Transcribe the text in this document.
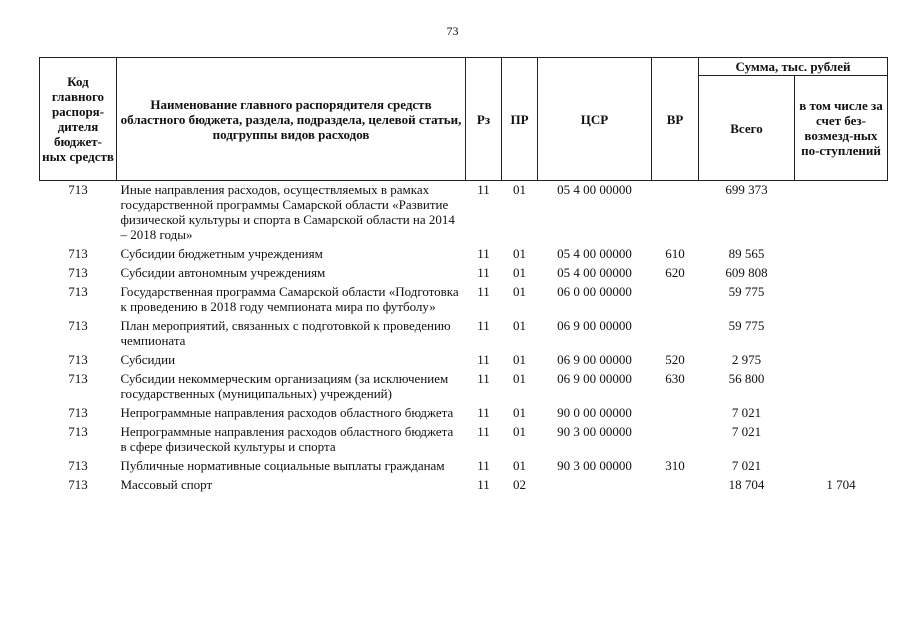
73
Код главного распоря-дителя бюджет-ных средств	Наименование главного распорядителя средств областного бюджета, раздела, подраздела, целевой статьи, подгруппы видов расходов	Рз	ПР	ЦСР	ВР	Сумма, тыс. рублей	
						Всего	в том числе за счет без-возмезд-ных по-ступлений
713	Иные направления расходов, осуществляемых в рамках государственной программы Самарской области «Развитие физической культуры и спорта в Самарской области на 2014 – 2018 годы»	11	01	05 4 00 00000		699 373	
713	Субсидии бюджетным учреждениям	11	01	05 4 00 00000	610	89 565	
713	Субсидии автономным учреждениям	11	01	05 4 00 00000	620	609 808	
713	Государственная программа Самарской области «Подготовка к проведению в 2018 году чемпионата мира по футболу»	11	01	06 0 00 00000		59 775	
713	План мероприятий, связанных с подготовкой к проведению чемпионата	11	01	06 9 00 00000		59 775	
713	Субсидии	11	01	06 9 00 00000	520	2 975	
713	Субсидии некоммерческим организациям (за исключением государственных (муниципальных) учреждений)	11	01	06 9 00 00000	630	56 800	
713	Непрограммные направления расходов областного бюджета	11	01	90 0 00 00000		7 021	
713	Непрограммные направления расходов областного бюджета в сфере физической культуры и спорта	11	01	90 3 00 00000		7 021	
713	Публичные нормативные социальные выплаты гражданам	11	01	90 3 00 00000	310	7 021	
713	Массовый спорт	11	02			18 704	1 704
